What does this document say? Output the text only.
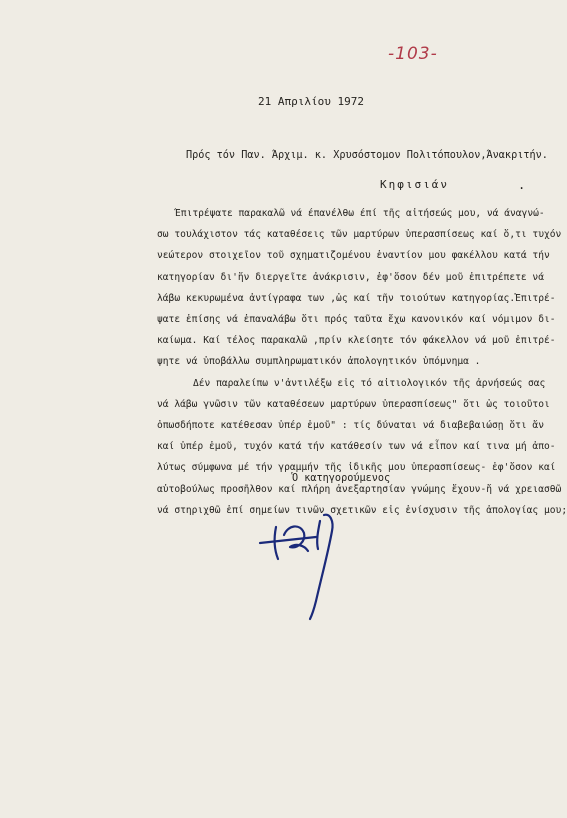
-103-
21 Απριλίου 1972
Πρός τόν Παν. Άρχιμ. κ. Χρυσόστομον Πολιτόπουλον,Άνακριτήν.
Κηφισιάν	.
Έπιτρέψατε παρακαλῶ νά έπανέλθω έπί τῆς αἰτήσεώς μου, νά άναγνώ-
σω τουλάχιστον τάς καταθέσεις τῶν μαρτύρων ὑπερασπίσεως καί ὅ,τι τυχόν
νεώτερον στοιχεῖον τοῦ σχηματιζομένου ἐναντίον μου φακέλλου κατά τήν
κατηγορίαν δι'ἥν διεργεῖτε ἀνάκρισιν, ἐφ'ὅσον δέν μοῦ ἐπιτρέπετε νά
λάβω κεκυρωμένα ἀντίγραφα των ,ὡς καί τῆν τοιούτων κατηγορίας.Ἐπιτρέ-
ψατε ἐπίσης νά ἐπαναλάβω ὅτι πρός ταῦτα ἔχω κανονικόν καί νόμιμον δι-
καίωμα. Καί τέλος παρακαλῶ ,πρίν κλείσητε τόν φάκελλον νά μοῦ ἐπιτρέ-
ψητε νά ὑποβάλλω συμπληρωματικόν ἀπολογητικόν ὑπόμνημα .
Δέν παραλείπω ν'ἀντιλέξω εἰς τό αἰτιολογικόν τῆς ἀρνήσεώς σας
νά λάβω γνῶσιν τῶν καταθέσεων μαρτύρων ὑπερασπίσεως" ὅτι ὡς τοιοῦτοι
ὁπωσδήποτε κατέθεσαν ὑπέρ ἐμοῦ" : τίς δύναται νά διαβεβαιώσῃ ὅτι ἄν
καί ὑπέρ ἐμοῦ, τυχόν κατά τήν κατάθεσίν των νά εἶπον καί τινα μή ἀπο-
λύτως σύμφωνα μέ τήν γραμμήν τῆς ἰδικῆς μου ὑπερασπίσεως- ἐφ'ὅσον καί
αὐτοβούλως προσῆλθον καί πλήρη ἀνεξαρτησίαν γνώμης ἔχουν-ἤ νά χρειασθῶ
νά στηριχθῶ ἐπί σημείων τινῶν σχετικῶν εἰς ἐνίσχυσιν τῆς ἀπολογίας μου;
Ὁ κατηγορούμενος
